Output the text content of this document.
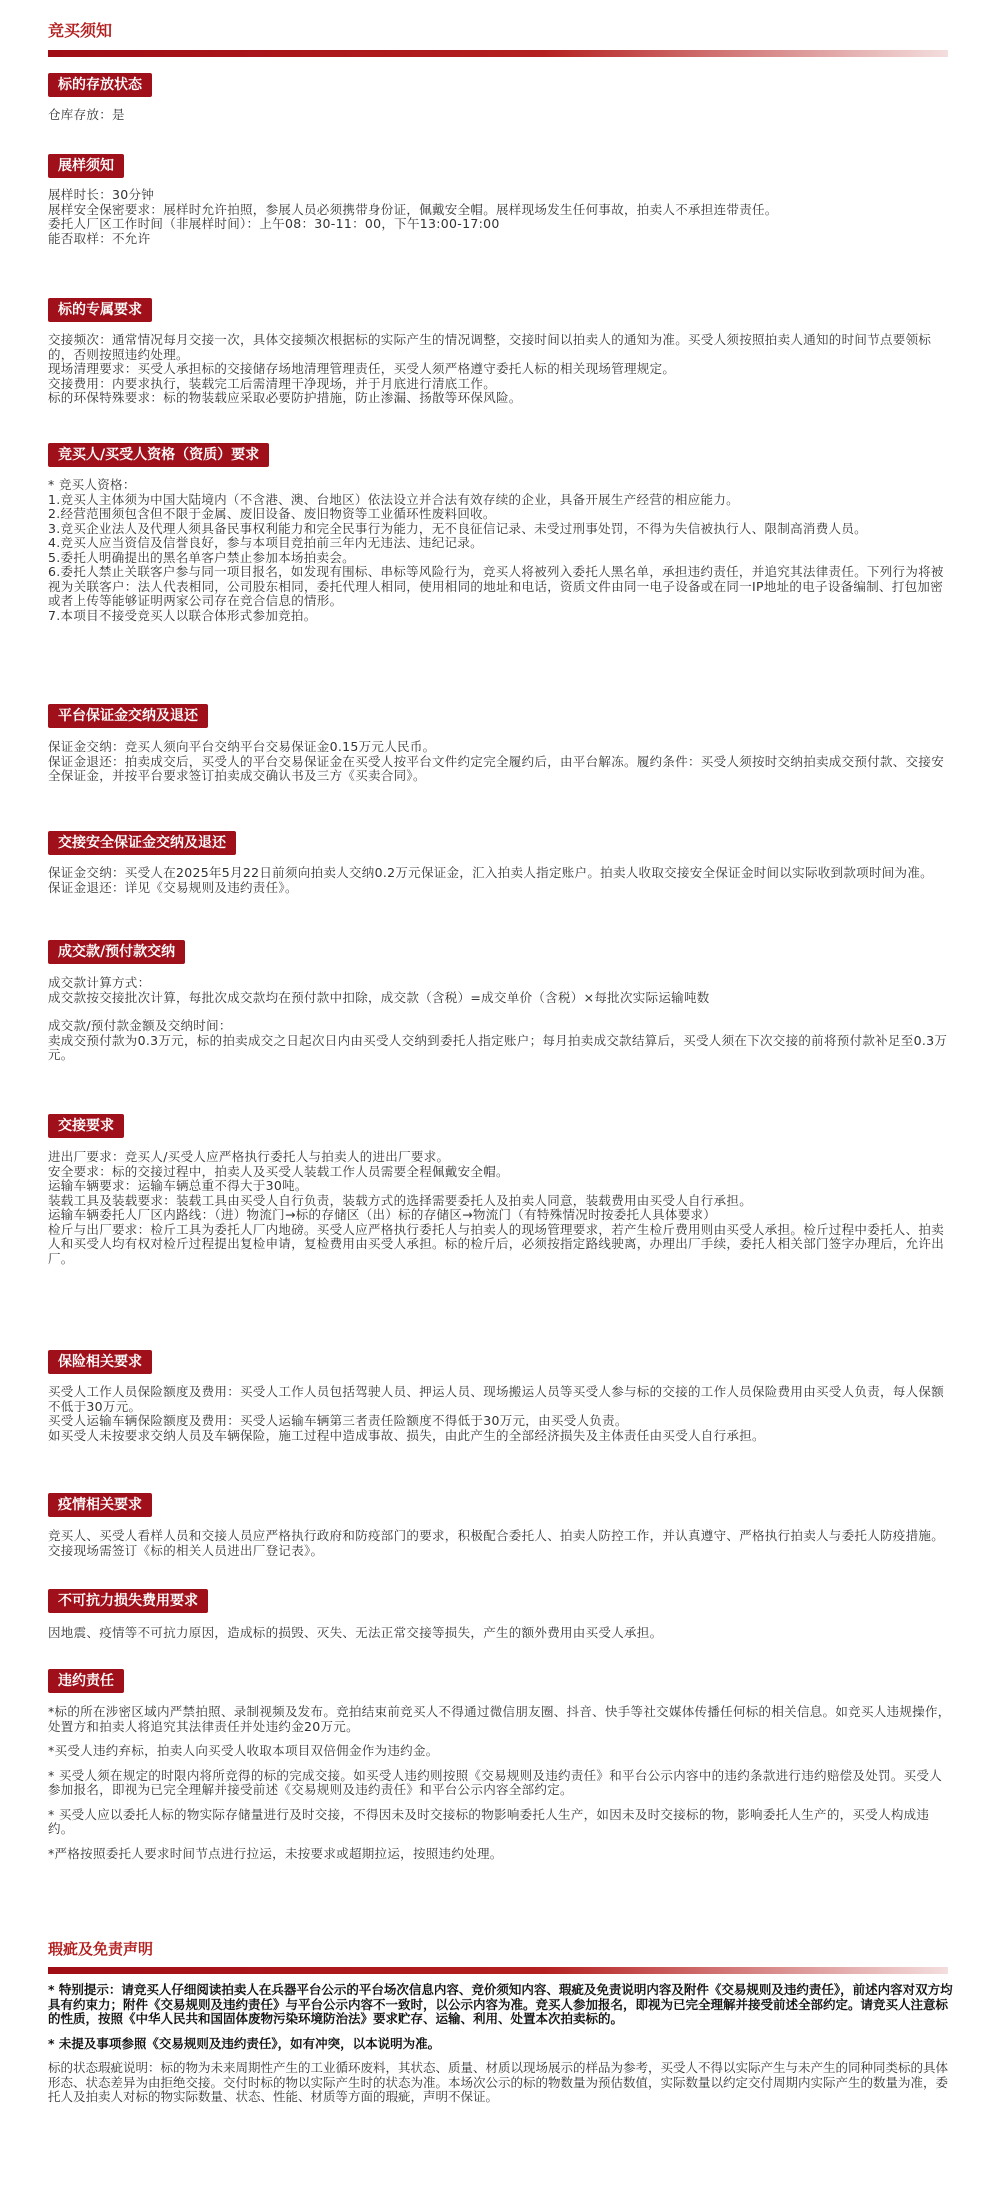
竞买须知
标的存放状态
仓库存放：是
展样须知
展样时长：30分钟
展样安全保密要求：展样时允许拍照，参展人员必须携带身份证，佩戴安全帽。展样现场发生任何事故，拍卖人不承担连带责任。
委托人厂区工作时间（非展样时间）：上午08：30-11：00，下午13:00-17:00
能否取样：不允许
标的专属要求
交接频次：通常情况每月交接一次，具体交接频次根据标的实际产生的情况调整，交接时间以拍卖人的通知为准。买受人须按照拍卖人通知的时间节点要领标的，否则按照违约处理。
现场清理要求：买受人承担标的交接储存场地清理管理责任，买受人须严格遵守委托人标的相关现场管理规定。
交接费用：内要求执行，装载完工后需清理干净现场，并于月底进行清底工作。
标的环保特殊要求：标的物装载应采取必要防护措施，防止渗漏、扬散等环保风险。
竞买人/买受人资格（资质）要求
* 竞买人资格：
1.竞买人主体须为中国大陆境内（不含港、澳、台地区）依法设立并合法有效存续的企业，具备开展生产经营的相应能力。
2.经营范围须包含但不限于金属、废旧设备、废旧物资等工业循环性废料回收。
3.竞买企业法人及代理人须具备民事权利能力和完全民事行为能力，无不良征信记录、未受过刑事处罚，不得为失信被执行人、限制高消费人员。
4.竞买人应当资信及信誉良好，参与本项目竞拍前三年内无违法、违纪记录。
5.委托人明确提出的黑名单客户禁止参加本场拍卖会。
6.委托人禁止关联客户参与同一项目报名，如发现有围标、串标等风险行为，竞买人将被列入委托人黑名单，承担违约责任，并追究其法律责任。下列行为将被视为关联客户：法人代表相同，公司股东相同，委托代理人相同，使用相同的地址和电话，资质文件由同一电子设备或在同一IP地址的电子设备编制、打包加密或者上传等能够证明两家公司存在竞合信息的情形。
7.本项目不接受竞买人以联合体形式参加竞拍。
平台保证金交纳及退还
保证金交纳：竞买人须向平台交纳平台交易保证金0.15万元人民币。
保证金退还：拍卖成交后，买受人的平台交易保证金在买受人按平台文件约定完全履约后，由平台解冻。履约条件：买受人须按时交纳拍卖成交预付款、交接安全保证金，并按平台要求签订拍卖成交确认书及三方《买卖合同》。
交接安全保证金交纳及退还
保证金交纳：买受人在2025年5月22日前须向拍卖人交纳0.2万元保证金，汇入拍卖人指定账户。拍卖人收取交接安全保证金时间以实际收到款项时间为准。
保证金退还：详见《交易规则及违约责任》。
成交款/预付款交纳
成交款计算方式：
成交款按交接批次计算，每批次成交款均在预付款中扣除，成交款（含税）=成交单价（含税）×每批次实际运输吨数
成交款/预付款金额及交纳时间：
卖成交预付款为0.3万元，标的拍卖成交之日起次日内由买受人交纳到委托人指定账户；每月拍卖成交款结算后，买受人须在下次交接的前将预付款补足至0.3万元。
交接要求
进出厂要求：竞买人/买受人应严格执行委托人与拍卖人的进出厂要求。
安全要求：标的交接过程中，拍卖人及买受人装载工作人员需要全程佩戴安全帽。
运输车辆要求：运输车辆总重不得大于30吨。
装载工具及装载要求：装载工具由买受人自行负责，装载方式的选择需要委托人及拍卖人同意，装载费用由买受人自行承担。
运输车辆委托人厂区内路线：（进）物流门→标的存储区（出）标的存储区→物流门（有特殊情况时按委托人具体要求）
检斤与出厂要求：检斤工具为委托人厂内地磅。买受人应严格执行委托人与拍卖人的现场管理要求，若产生检斤费用则由买受人承担。检斤过程中委托人、拍卖人和买受人均有权对检斤过程提出复检申请，复检费用由买受人承担。标的检斤后，必须按指定路线驶离，办理出厂手续，委托人相关部门签字办理后，允许出厂。
保险相关要求
买受人工作人员保险额度及费用：买受人工作人员包括驾驶人员、押运人员、现场搬运人员等买受人参与标的交接的工作人员保险费用由买受人负责，每人保额不低于30万元。
买受人运输车辆保险额度及费用：买受人运输车辆第三者责任险额度不得低于30万元，由买受人负责。
如买受人未按要求交纳人员及车辆保险，施工过程中造成事故、损失，由此产生的全部经济损失及主体责任由买受人自行承担。
疫情相关要求
竞买人、买受人看样人员和交接人员应严格执行政府和防疫部门的要求，积极配合委托人、拍卖人防控工作，并认真遵守、严格执行拍卖人与委托人防疫措施。交接现场需签订《标的相关人员进出厂登记表》。
不可抗力损失费用要求
因地震、疫情等不可抗力原因，造成标的损毁、灭失、无法正常交接等损失，产生的额外费用由买受人承担。
违约责任
*标的所在涉密区域内严禁拍照、录制视频及发布。竞拍结束前竞买人不得通过微信朋友圈、抖音、快手等社交媒体传播任何标的相关信息。如竞买人违规操作，处置方和拍卖人将追究其法律责任并处违约金20万元。
*买受人违约弃标，拍卖人向买受人收取本项目双倍佣金作为违约金。
* 买受人须在规定的时限内将所竞得的标的完成交接。如买受人违约则按照《交易规则及违约责任》和平台公示内容中的违约条款进行违约赔偿及处罚。买受人参加报名，即视为已完全理解并接受前述《交易规则及违约责任》和平台公示内容全部约定。
* 买受人应以委托人标的物实际存储量进行及时交接，不得因未及时交接标的物影响委托人生产，如因未及时交接标的物，影响委托人生产的，买受人构成违约。
*严格按照委托人要求时间节点进行拉运，未按要求或超期拉运，按照违约处理。
瑕疵及免责声明
* 特别提示：请竞买人仔细阅读拍卖人在兵器平台公示的平台场次信息内容、竞价须知内容、瑕疵及免责说明内容及附件《交易规则及违约责任》，前述内容对双方均具有约束力；附件《交易规则及违约责任》与平台公示内容不一致时，以公示内容为准。竞买人参加报名，即视为已完全理解并接受前述全部约定。请竞买人注意标的性质，按照《中华人民共和国固体废物污染环境防治法》要求贮存、运输、利用、处置本次拍卖标的。
* 未提及事项参照《交易规则及违约责任》，如有冲突，以本说明为准。
标的状态瑕疵说明：标的物为未来周期性产生的工业循环废料，其状态、质量、材质以现场展示的样品为参考，买受人不得以实际产生与未产生的同种同类标的具体形态、状态差异为由拒绝交接。交付时标的物以实际产生时的状态为准。本场次公示的标的物数量为预估数值，实际数量以约定交付周期内实际产生的数量为准，委托人及拍卖人对标的物实际数量、状态、性能、材质等方面的瑕疵，声明不保证。
